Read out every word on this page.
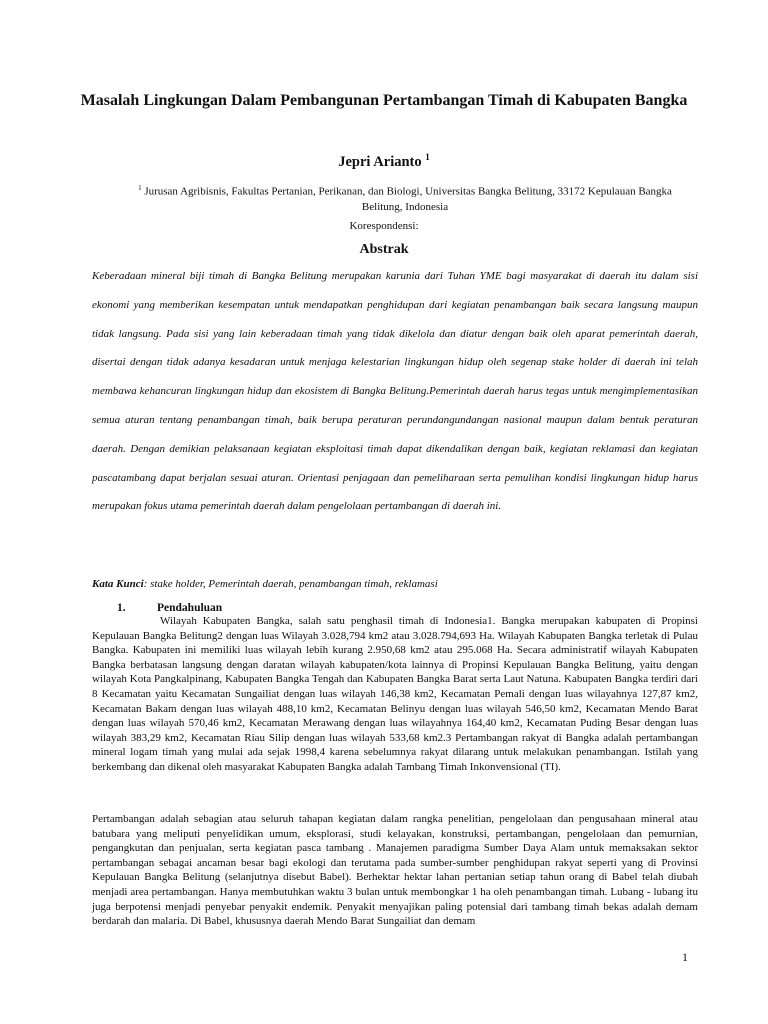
Masalah Lingkungan Dalam Pembangunan Pertambangan Timah di Kabupaten Bangka
Jepri Arianto $^1$
$^1$ Jurusan Agribisnis, Fakultas Pertanian, Perikanan, dan Biologi, Universitas Bangka Belitung, 33172 Kepulauan Bangka Belitung, Indonesia
Korespondensi:
Abstrak

Keberadaan mineral biji timah di Bangka Belitung merupakan karunia dari Tuhan YME bagi masyarakat di daerah itu dalam sisi ekonomi yang memberikan kesempatan untuk mendapatkan penghidupan dari kegiatan penambangan baik secara langsung maupun tidak langsung. Pada sisi yang lain keberadaan timah yang tidak dikelola dan diatur dengan baik oleh aparat pemerintah daerah, disertai dengan tidak adanya kesadaran untuk menjaga kelestarian lingkungan hidup oleh segenap stake holder di daerah ini telah membawa kehancuran lingkungan hidup dan ekosistem di Bangka Belitung.Pemerintah daerah harus tegas untuk mengimplementasikan semua aturan tentang penambangan timah, baik berupa peraturan perundangundangan nasional maupun dalam bentuk peraturan daerah. Dengan demikian pelaksanaan kegiatan eksploitasi timah dapat dikendalikan dengan baik, kegiatan reklamasi dan kegiatan pascatambang dapat berjalan sesuai aturan. Orientasi penjagaan dan pemeliharaan serta pemulihan kondisi lingkungan hidup harus merupakan fokus utama pemerintah daerah dalam pengelolaan pertambangan di daerah ini.

Kata Kunci: stake holder, Pemerintah daerah, penambangan timah, reklamasi

1.	Pendahuluan

Wilayah Kabupaten Bangka, salah satu penghasil timah di Indonesia1. Bangka merupakan kabupaten di Propinsi Kepulauan Bangka Belitung2 dengan luas Wilayah 3.028,794 km2 atau 3.028.794,693 Ha. Wilayah Kabupaten Bangka terletak di Pulau Bangka. Kabupaten ini memiliki luas wilayah lebih kurang 2.950,68 km2 atau 295.068 Ha. Secara administratif wilayah Kabupaten Bangka berbatasan langsung dengan daratan wilayah kabupaten/kota lainnya di Propinsi Kepulauan Bangka Belitung, yaitu dengan wilayah Kota Pangkalpinang, Kabupaten Bangka Tengah dan Kabupaten Bangka Barat serta Laut Natuna. Kabupaten Bangka terdiri dari 8 Kecamatan yaitu Kecamatan Sungailiat dengan luas wilayah 146,38 km2, Kecamatan Pemali dengan luas wilayahnya 127,87 km2, Kecamatan Bakam dengan luas wilayah 488,10 km2, Kecamatan Belinyu dengan luas wilayah 546,50 km2, Kecamatan Mendo Barat dengan luas wilayah 570,46 km2, Kecamatan Merawang dengan luas wilayahnya 164,40 km2, Kecamatan Puding Besar dengan luas wilayah 383,29 km2, Kecamatan Riau Silip dengan luas wilayah 533,68 km2.3 Pertambangan rakyat di Bangka adalah pertambangan mineral logam timah yang mulai ada sejak 1998,4 karena sebelumnya rakyat dilarang untuk melakukan penambangan. Istilah yang berkembang dan dikenal oleh masyarakat Kabupaten Bangka adalah Tambang Timah Inkonvensional (TI).

Pertambangan adalah sebagian atau seluruh tahapan kegiatan dalam rangka penelitian, pengelolaan dan pengusahaan mineral atau batubara yang meliputi penyelidikan umum, eksplorasi, studi kelayakan, konstruksi, pertambangan, pengelolaan dan pemurnian, pengangkutan dan penjualan, serta kegiatan pasca tambang . Manajemen paradigma Sumber Daya Alam untuk memaksakan sektor pertambangan sebagai ancaman besar bagi ekologi dan terutama pada sumber-sumber penghidupan rakyat seperti yang di Provinsi Kepulauan Bangka Belitung (selanjutnya disebut Babel). Berhektar hektar lahan pertanian setiap tahun orang di Babel telah diubah menjadi area pertambangan. Hanya membutuhkan waktu 3 bulan untuk membongkar 1 ha oleh penambangan timah. Lubang - lubang itu juga berpotensi menjadi penyebar penyakit endemik. Penyakit menyajikan paling potensial dari tambang timah bekas adalah demam berdarah dan malaria. Di Babel, khususnya daerah Mendo Barat Sungailiat dan demam

1
